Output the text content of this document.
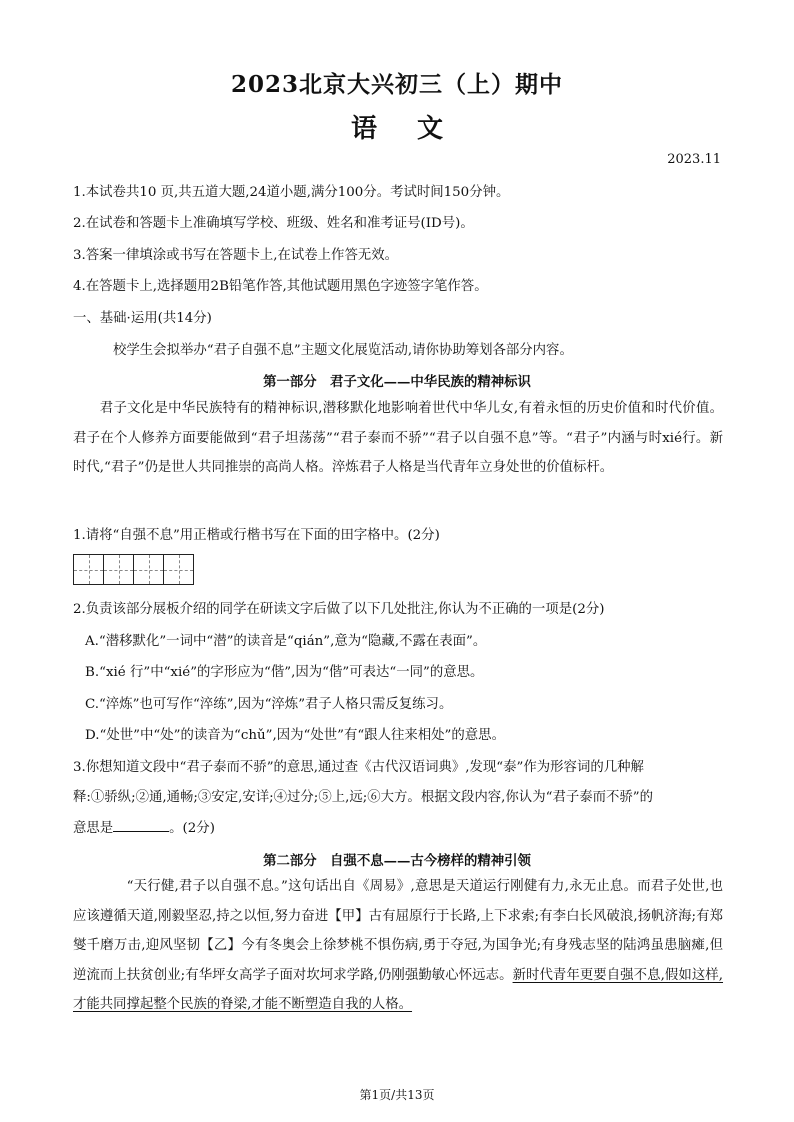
2023北京大兴初三（上）期中
语文
2023.11
1.本试卷共10 页,共五道大题,24道小题,满分100分。考试时间150分钟。
2.在试卷和答题卡上准确填写学校、班级、姓名和准考证号(ID号)。
3.答案一律填涂或书写在答题卡上,在试卷上作答无效。
4.在答题卡上,选择题用2B铅笔作答,其他试题用黑色字迹签字笔作答。
一、基础·运用(共14分)
校学生会拟举办“君子自强不息”主题文化展览活动,请你协助筹划各部分内容。
第一部分　君子文化——中华民族的精神标识
君子文化是中华民族特有的精神标识,潜移默化地影响着世代中华儿女,有着永恒的历史价值和时代价值。君子在个人修养方面要能做到“君子坦荡荡”“君子泰而不骄”“君子以自强不息”等。“君子”内涵与时xié行。新时代,“君子”仍是世人共同推崇的高尚人格。淬炼君子人格是当代青年立身处世的价值标杆。
1.请将“自强不息”用正楷或行楷书写在下面的田字格中。(2分)
2.负责该部分展板介绍的同学在研读文字后做了以下几处批注,你认为不正确的一项是(2分)
A.“潜移默化”一词中“潜”的读音是“qián”,意为“隐藏,不露在表面”。
B.“xié 行”中“xié”的字形应为“偕”,因为“偕”可表达“一同”的意思。
C.“淬炼”也可写作“淬练”,因为“淬炼”君子人格只需反复练习。
D.“处世”中“处”的读音为“chǔ”,因为“处世”有“跟人往来相处”的意思。
3.你想知道文段中“君子泰而不骄”的意思,通过查《古代汉语词典》,发现“泰”作为形容词的几种解
释:①骄纵;②通,通畅;③安定,安详;④过分;⑤上,远;⑥大方。根据文段内容,你认为“君子泰而不骄”的
意思是	。(2分)
第二部分　自强不息——古今榜样的精神引领
“天行健,君子以自强不息。”这句话出自《周易》,意思是天道运行刚健有力,永无止息。而君子处世,也应该遵循天道,刚毅坚忍,持之以恒,努力奋进【甲】古有屈原行于长路,上下求索;有李白长风破浪,扬帆济海;有郑燮千磨万击,迎风坚韧【乙】今有冬奥会上徐梦桃不惧伤病,勇于夺冠,为国争光;有身残志坚的陆鸿虽患脑瘫,但逆流而上扶贫创业;有华坪女高学子面对坎坷求学路,仍刚强勤敏心怀远志。新时代青年更要自强不息,假如这样,才能共同撑起整个民族的脊梁,才能不断塑造自我的人格。
第1页/共13页
